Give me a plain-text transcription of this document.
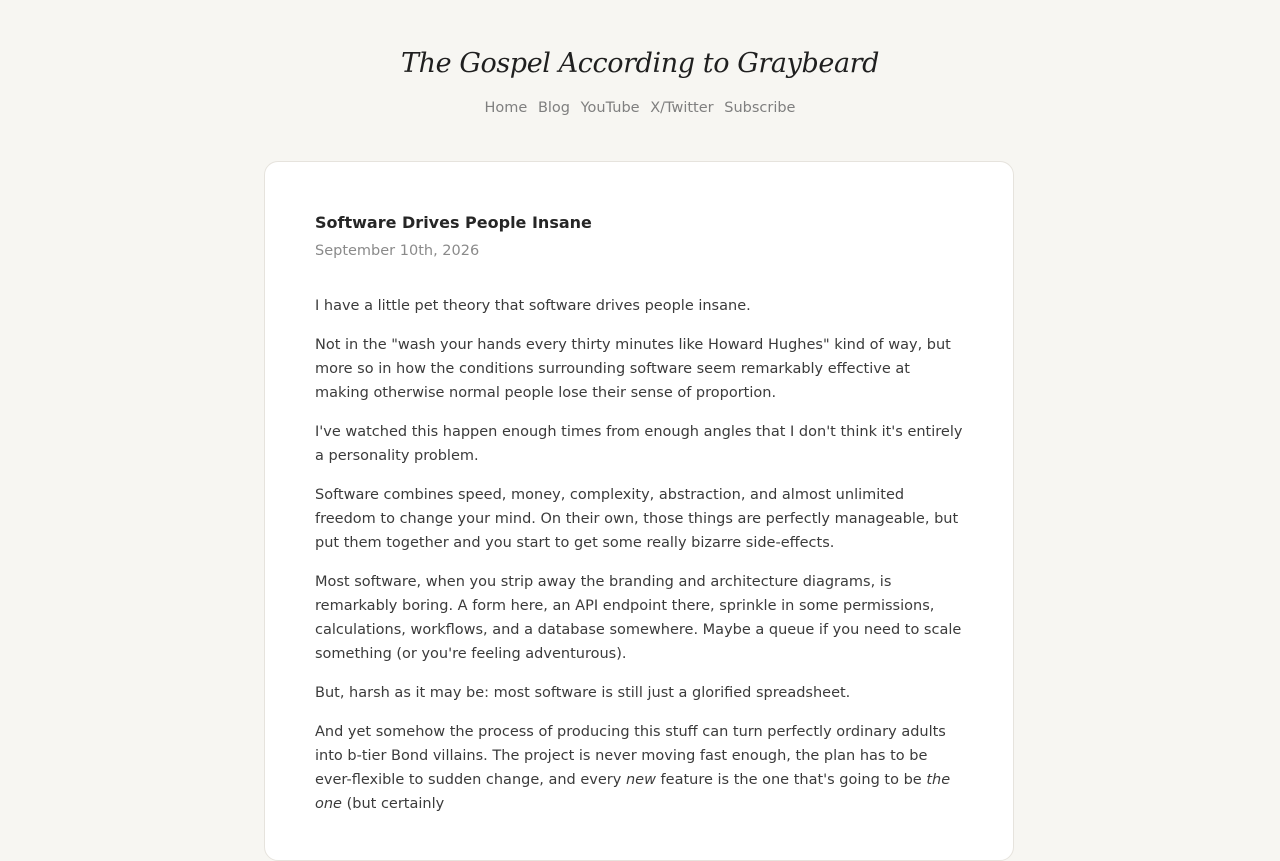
The Gospel According to Graybeard
Home Blog YouTube X/Twitter Subscribe
Software Drives People Insane
September 10th, 2026

I have a little pet theory that software drives people insane.

Not in the "wash your hands every thirty minutes like Howard Hughes" kind of way, but more so in how the conditions surrounding software seem remarkably effective at making otherwise normal people lose their sense of proportion.

I've watched this happen enough times from enough angles that I don't think it's entirely a personality problem.

Software combines speed, money, complexity, abstraction, and almost unlimited freedom to change your mind. On their own, those things are perfectly manageable, but put them together and you start to get some really bizarre side-effects.

Most software, when you strip away the branding and architecture diagrams, is remarkably boring. A form here, an API endpoint there, sprinkle in some permissions, calculations, workflows, and a database somewhere. Maybe a queue if you need to scale something (or you're feeling adventurous).

But, harsh as it may be: most software is still just a glorified spreadsheet.

And yet somehow the process of producing this stuff can turn perfectly ordinary adults into b-tier Bond villains. The project is never moving fast enough, the plan has to be ever-flexible to sudden change, and every new feature is the one that's going to be the one (but certainly
